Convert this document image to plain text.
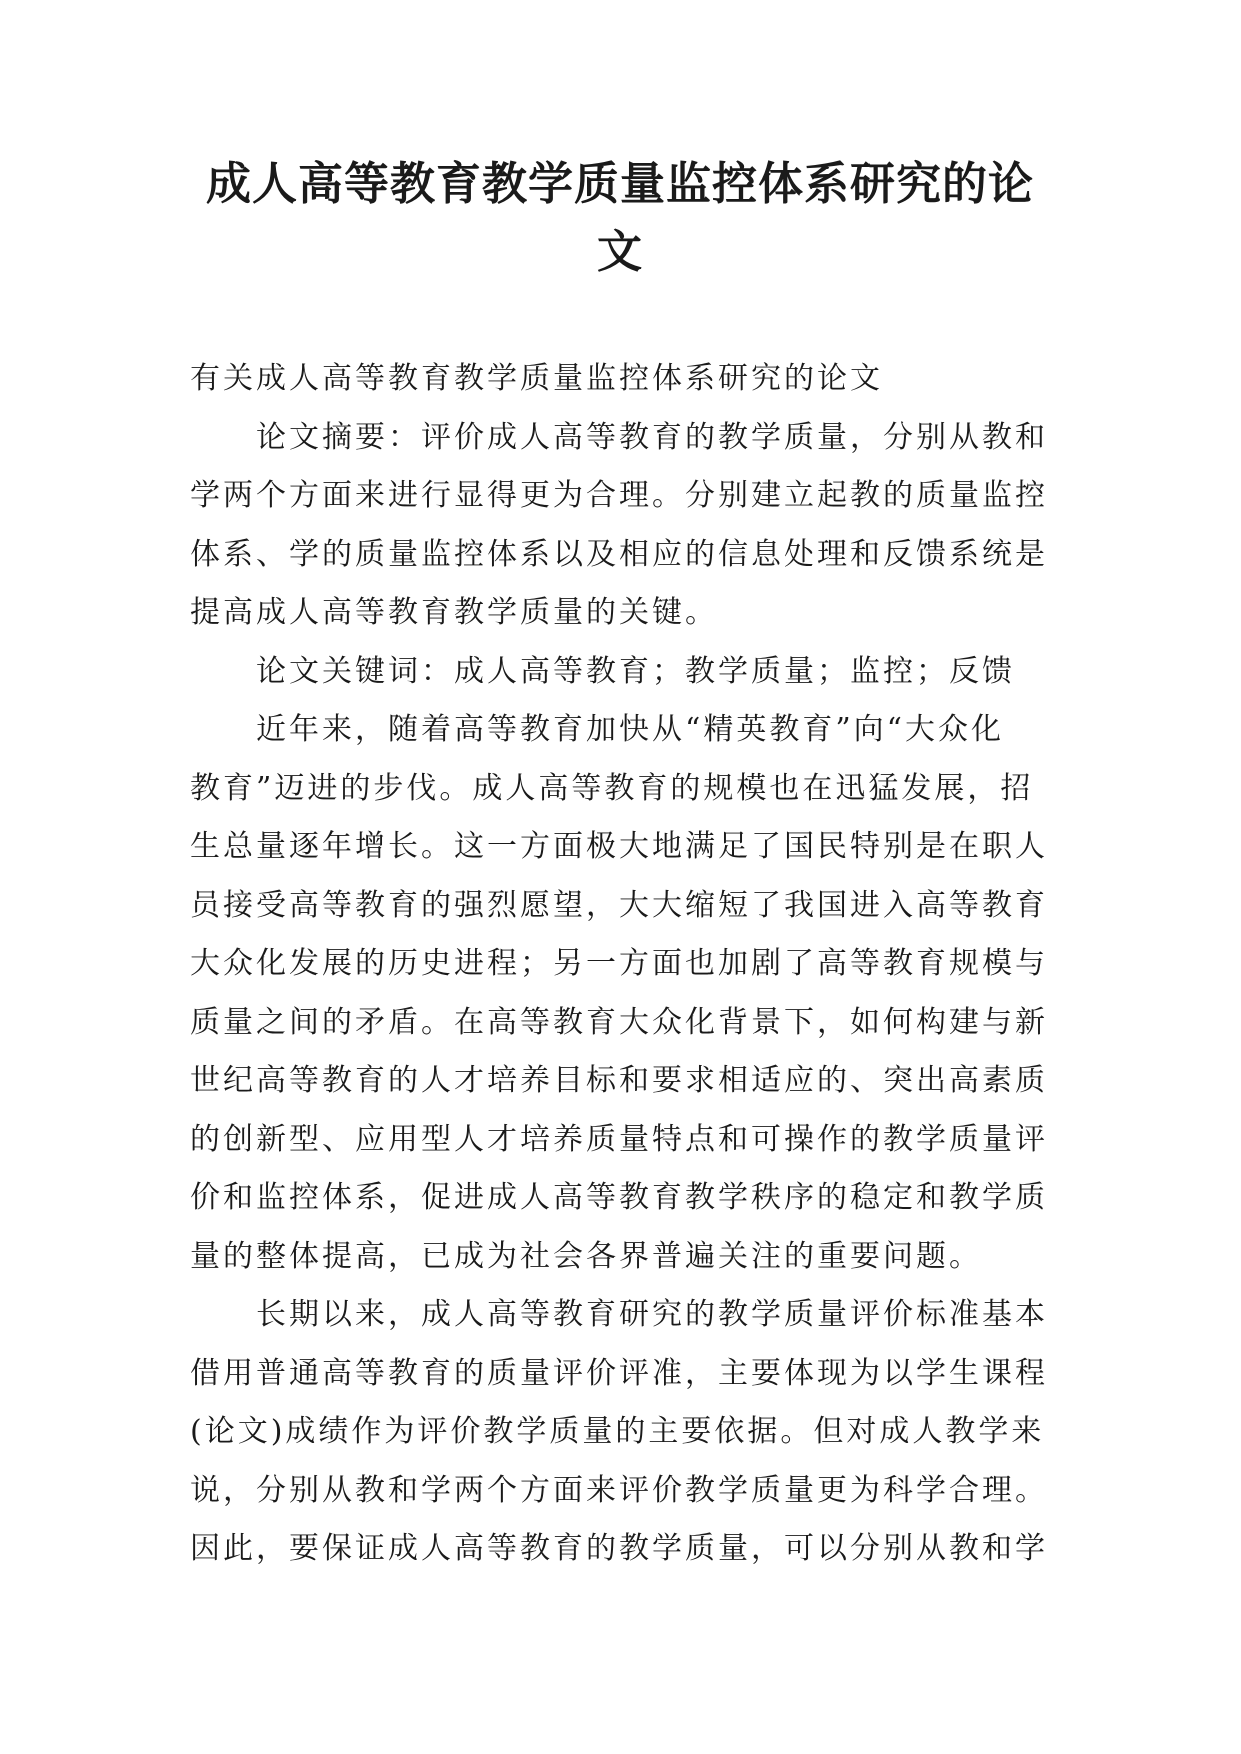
成人高等教育教学质量监控体系研究的论
文

有关成人高等教育教学质量监控体系研究的论文

论文摘要：评价成人高等教育的教学质量，分别从教和
学两个方面来进行显得更为合理。分别建立起教的质量监控
体系、学的质量监控体系以及相应的信息处理和反馈系统是
提高成人高等教育教学质量的关键。

论文关键词：成人高等教育；教学质量；监控；反馈

近年来，随着高等教育加快从“精英教育”向“大众化
教育”迈进的步伐。成人高等教育的规模也在迅猛发展，招
生总量逐年增长。这一方面极大地满足了国民特别是在职人
员接受高等教育的强烈愿望，大大缩短了我国进入高等教育
大众化发展的历史进程；另一方面也加剧了高等教育规模与
质量之间的矛盾。在高等教育大众化背景下，如何构建与新
世纪高等教育的人才培养目标和要求相适应的、突出高素质
的创新型、应用型人才培养质量特点和可操作的教学质量评
价和监控体系，促进成人高等教育教学秩序的稳定和教学质
量的整体提高，已成为社会各界普遍关注的重要问题。

长期以来，成人高等教育研究的教学质量评价标准基本
借用普通高等教育的质量评价评准，主要体现为以学生课程
(论文)成绩作为评价教学质量的主要依据。但对成人教学来
说，分别从教和学两个方面来评价教学质量更为科学合理。
因此，要保证成人高等教育的教学质量，可以分别从教和学
